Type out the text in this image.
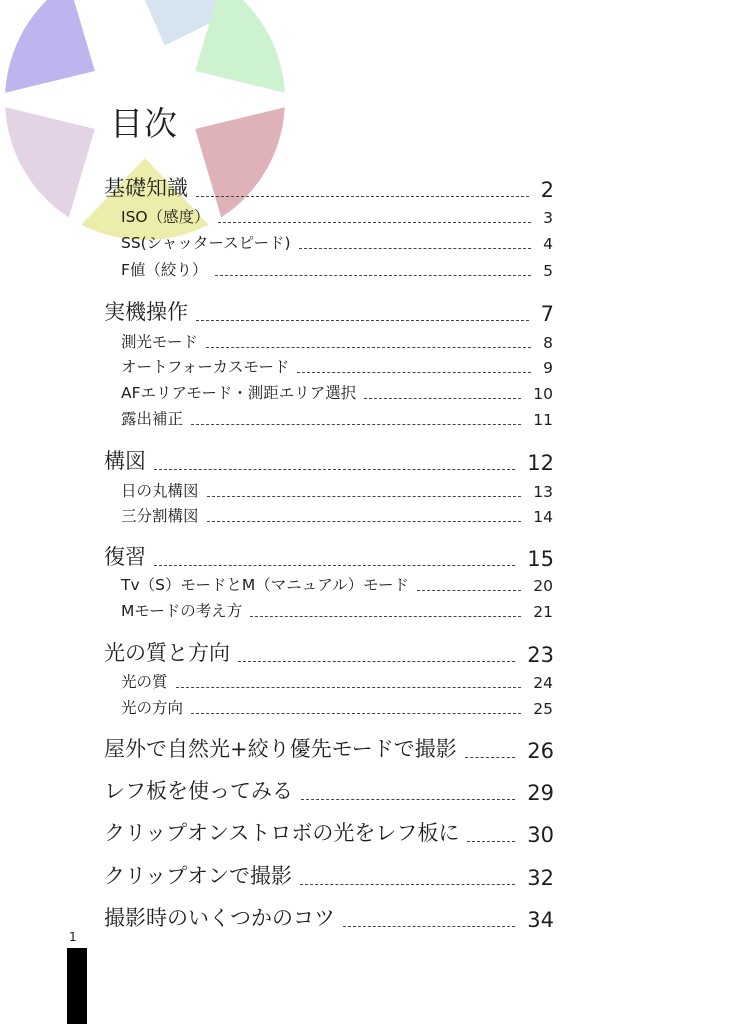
目次
基礎知識	2
ISO（感度）	3
SS(シャッタースピード)	4
F値（絞り）	5
実機操作	7
測光モード	8
オートフォーカスモード	9
AFエリアモード・測距エリア選択	10
露出補正	11
構図	12
日の丸構図	13
三分割構図	14
復習	15
Tv（S）モードとM（マニュアル）モード	20
Mモードの考え方	21
光の質と方向	23
光の質	24
光の方向	25
屋外で自然光+絞り優先モードで撮影	26
レフ板を使ってみる	29
クリップオンストロボの光をレフ板に	30
クリップオンで撮影	32
撮影時のいくつかのコツ	34
1
